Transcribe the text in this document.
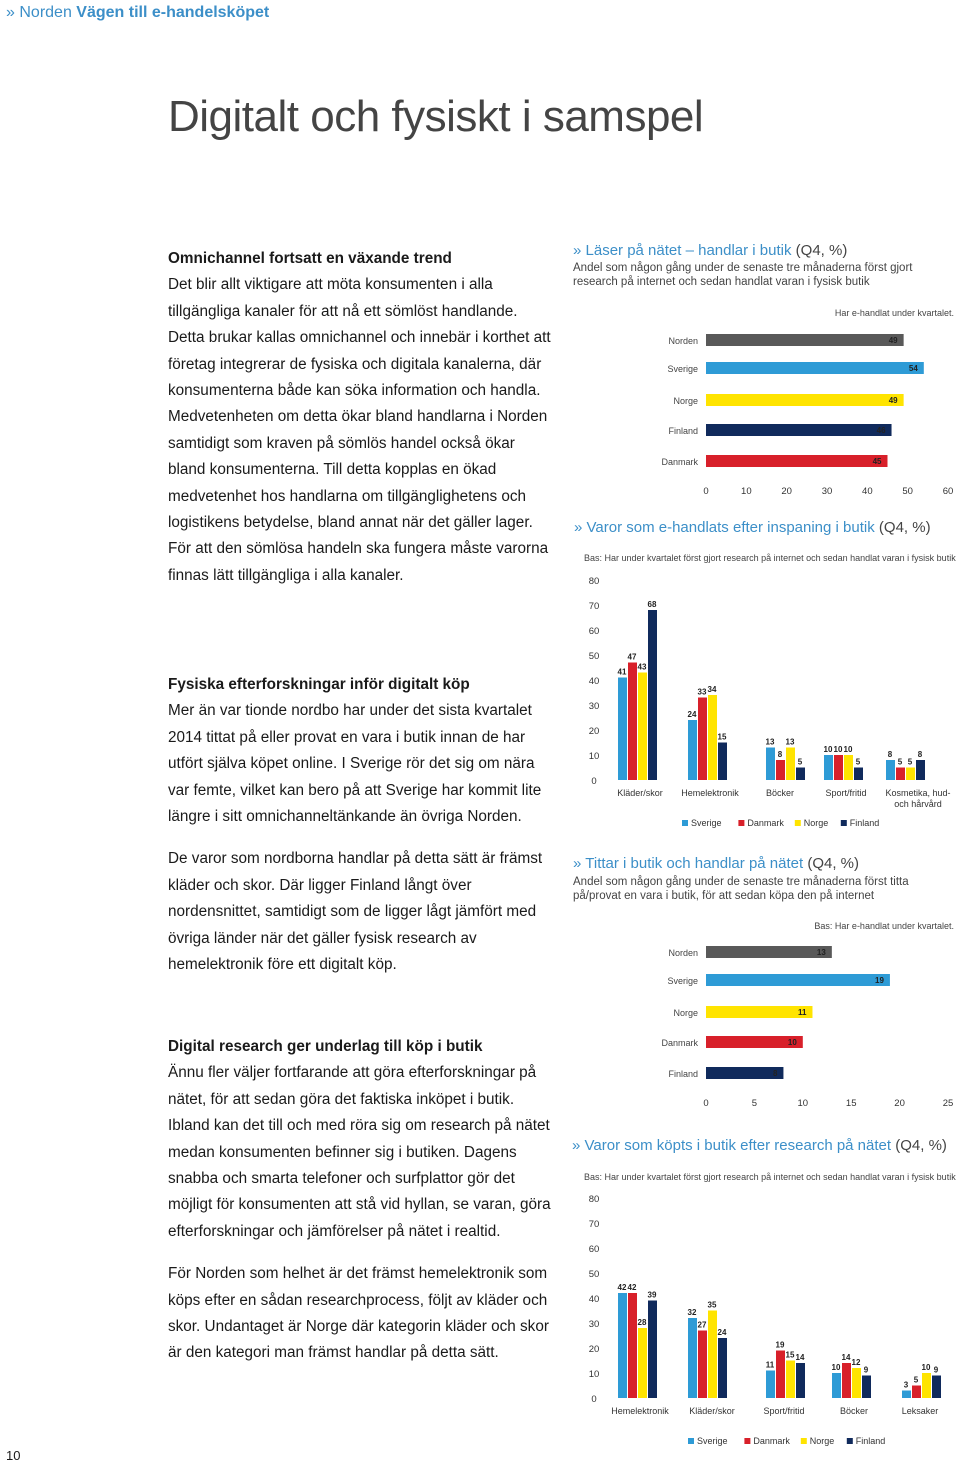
» Norden Vägen till e-handelsköpet
Digitalt och fysiskt i samspel
Omnichannel fortsatt en växande trend

Det blir allt viktigare att möta konsumenten i alla tillgängliga kanaler för att nå ett sömlöst handlande. Detta brukar kallas omnichannel och innebär i korthet att företag integrerar de fysiska och digitala kanalerna, där konsumenterna både kan söka information och handla. Medvetenheten om detta ökar bland handlarna i Norden samtidigt som kraven på sömlös handel också ökar bland konsumenterna. Till detta kopplas en ökad medvetenhet hos handlarna om tillgänglighetens och logistikens betydelse, bland annat när det gäller lager. För att den sömlösa handeln ska fungera måste varorna finnas lätt tillgängliga i alla kanaler.

Fysiska efterforskningar inför digitalt köp

Mer än var tionde nordbo har under det sista kvartalet 2014 tittat på eller provat en vara i butik innan de har utfört själva köpet online. I Sverige rör det sig om nära var femte, vilket kan bero på att Sverige har kommit lite längre i sitt omnichanneltänkande än övriga Norden.

De varor som nordborna handlar på detta sätt är främst kläder och skor. Där ligger Finland långt över nordensnittet, samtidigt som de ligger lågt jämfört med övriga länder när det gäller fysisk research av hemelektronik före ett digitalt köp.

Digital research ger underlag till köp i butik

Ännu fler väljer fortfarande att göra efterforskningar på nätet, för att sedan göra det faktiska inköpet i butik. Ibland kan det till och med röra sig om research på nätet medan konsumenten befinner sig i butiken. Dagens snabba och smarta telefoner och surfplattor gör det möjligt för konsumenten att stå vid hyllan, se varan, göra efterforskningar och jämförelser på nätet i realtid.

För Norden som helhet är det främst hemelektronik som köps efter en sådan researchprocess, följt av kläder och skor. Undantaget är Norge där kategorin kläder och skor är den kategori man främst handlar på detta sätt.

10
» Läser på nätet – handlar i butik (Q4, %)
Andel som någon gång under de senaste tre månaderna först gjort research på internet och sedan handlat varan i fysisk butik
Har e-handlat under kvartalet.
Norden	49
Sverige	54
Norge	49
Finland	46
Danmark	45
0	10	20	30	40	50	60
» Varor som e-handlats efter inspaning i butik (Q4, %)
Bas: Har under kvartalet först gjort research på internet och sedan handlat varan i fysisk butik
0
10
20
30
40
50
60
70
80
41
47
43
68
Kläder/skor
24
33 34
15
Hemelektronik
13
8
13
5
Böcker
10 10 10
5
Sport/fritid
8
5 5
8
Kosmetika, hud-
och hårvård
Sverige	Danmark Norge Finland
» Tittar i butik och handlar på nätet (Q4, %)
Andel som någon gång under de senaste tre månaderna först titta på/provat en vara i butik, för att sedan köpa den på internet
Bas: Har e-handlat under kvartalet.
Norden	13
Sverige	19
Norge	11
Danmark	10
Finland	8
0	5	10	15	20	25
» Varor som köpts i butik efter research på nätet (Q4, %)
Bas: Har under kvartalet först gjort research på internet och sedan handlat varan i fysisk butik
0
10
20
30
40
50
60
70
80
42 42
28
39
Hemelektronik
32
27
35
24
Kläder/skor
11
19
15 14
Sport/fritid
10
14
12
9
Böcker
3
5
10 9
Leksaker
Sverige	Danmark Norge Finland
